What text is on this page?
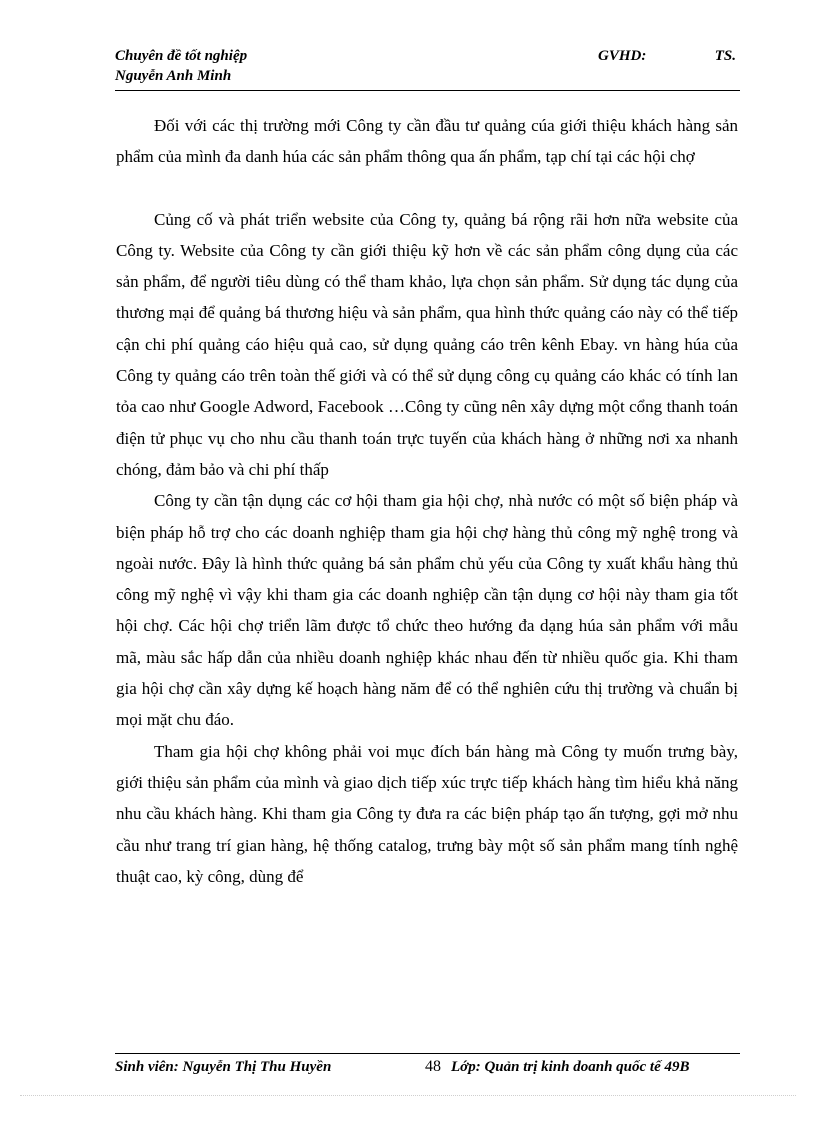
Chuyên đề tốt nghiệp	GVHD:	TS.
Nguyễn Anh Minh

Đối với các thị trường mới Công ty cần đầu tư quảng cúa giới thiệu khách hàng sản phẩm của mình đa danh húa các sản phẩm thông qua ấn phẩm, tạp chí tại các hội chợ

Củng cố và phát triển website của Công ty, quảng bá rộng rãi hơn nữa website của Công ty. Website của Công ty cần giới thiệu kỹ hơn về các sản phẩm công dụng của các sản phẩm, để người tiêu dùng có thể tham khảo, lựa chọn sản phẩm. Sử dụng tác dụng của thương mại để quảng bá thương hiệu và sản phẩm, qua hình thức quảng cáo này có thể tiếp cận chi phí quảng cáo hiệu quả cao, sử dụng quảng cáo trên kênh Ebay. vn hàng húa của Công ty quảng cáo trên toàn thế giới và có thể sử dụng công cụ quảng cáo khác có tính lan tỏa cao như Google Adword, Facebook …Công ty cũng nên xây dựng một cổng thanh toán điện tử phục vụ cho nhu cầu thanh toán trực tuyến của khách hàng ở những nơi xa nhanh chóng, đảm bảo và chi phí thấp

Công ty cần tận dụng các cơ hội tham gia hội chợ, nhà nước có một số biện pháp và biện pháp hỗ trợ cho các doanh nghiệp tham gia hội chợ hàng thủ công mỹ nghệ trong và ngoài nước. Đây là hình thức quảng bá sản phẩm chủ yếu của Công ty xuất khẩu hàng thủ công mỹ nghệ vì vậy khi tham gia các doanh nghiệp cần tận dụng cơ hội này tham gia tốt hội chợ. Các hội chợ triển lãm được tổ chức theo hướng đa dạng húa sản phẩm với mẫu mã, màu sắc hấp dẫn của nhiều doanh nghiệp khác nhau đến từ nhiều quốc gia. Khi tham gia hội chợ cần xây dựng kế hoạch hàng năm để có thể nghiên cứu thị trường và chuẩn bị mọi mặt chu đáo.

Tham gia hội chợ không phải voi mục đích bán hàng mà Công ty muốn trưng bày, giới thiệu sản phẩm của mình và giao dịch tiếp xúc trực tiếp khách hàng tìm hiểu khả năng nhu cầu khách hàng. Khi tham gia Công ty đưa ra các biện pháp tạo ấn tượng, gợi mở nhu cầu như trang trí gian hàng, hệ thống catalog, trưng bày một số sản phẩm mang tính nghệ thuật cao, kỳ công, dùng để

Sinh viên: Nguyễn Thị Thu Huyền	48 Lớp: Quản trị kinh doanh quốc tế 49B
